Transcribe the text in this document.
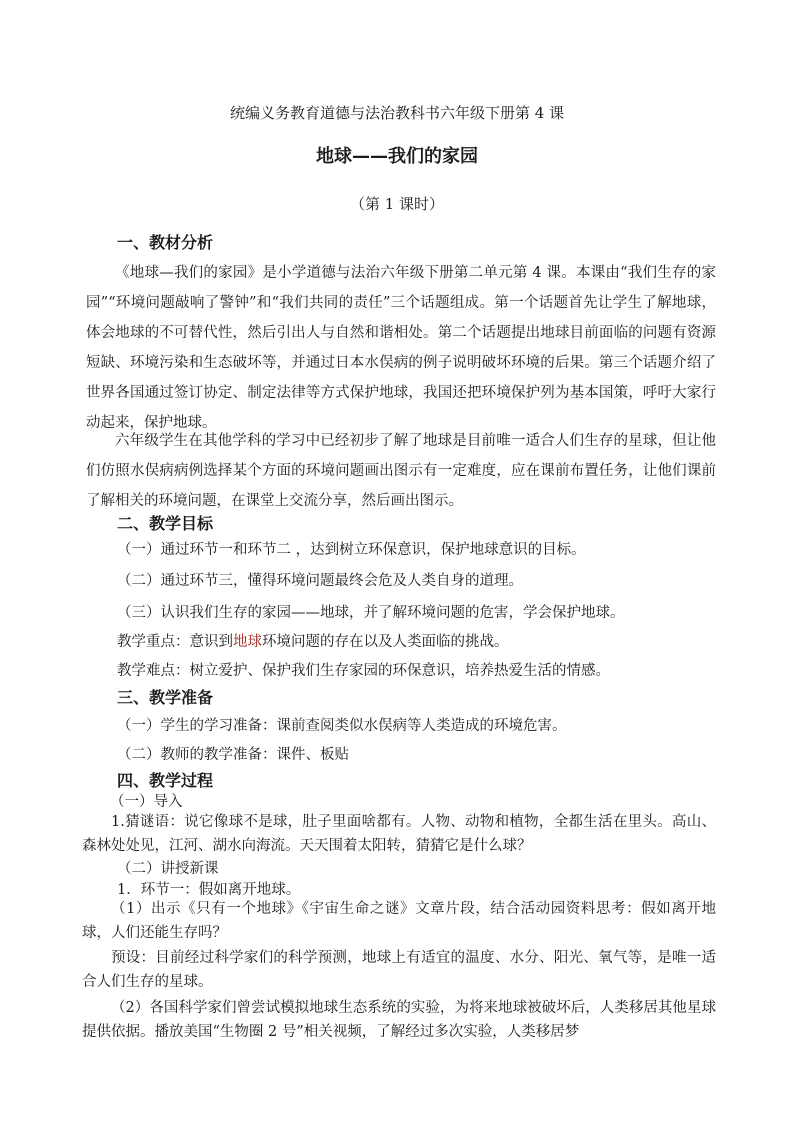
统编义务教育道德与法治教科书六年级下册第 4 课
地球——我们的家园
（第 1 课时）
一、教材分析
《地球—我们的家园》是小学道德与法治六年级下册第二单元第 4 课。本课由“我们生存的家园”“环境问题敲响了警钟”和“我们共同的责任”三个话题组成。第一个话题首先让学生了解地球，体会地球的不可替代性，然后引出人与自然和谐相处。第二个话题提出地球目前面临的问题有资源短缺、环境污染和生态破坏等，并通过日本水俣病的例子说明破坏环境的后果。第三个话题介绍了世界各国通过签订协定、制定法律等方式保护地球，我国还把环境保护列为基本国策，呼吁大家行动起来，保护地球。
六年级学生在其他学科的学习中已经初步了解了地球是目前唯一适合人们生存的星球，但让他们仿照水俣病病例选择某个方面的环境问题画出图示有一定难度，应在课前布置任务，让他们课前了解相关的环境问题，在课堂上交流分享，然后画出图示。
二、教学目标
（一）通过环节一和环节二 ，达到树立环保意识，保护地球意识的目标。
（二）通过环节三，懂得环境问题最终会危及人类自身的道理。
（三）认识我们生存的家园——地球，并了解环境问题的危害，学会保护地球。
教学重点：意识到地球环境问题的存在以及人类面临的挑战。
教学难点：树立爱护、保护我们生存家园的环保意识，培养热爱生活的情感。
三、教学准备
（一）学生的学习准备：课前查阅类似水俣病等人类造成的环境危害。
（二）教师的教学准备：课件、板贴
四、教学过程
（一）导入
1.猜谜语：说它像球不是球，肚子里面啥都有。人物、动物和植物，全都生活在里头。高山、森林处处见，江河、湖水向海流。天天围着太阳转，猜猜它是什么球？
（二）讲授新课
1．环节一：假如离开地球。
（1）出示《只有一个地球》《宇宙生命之谜》文章片段，结合活动园资料思考：假如离开地球，人们还能生存吗？
预设：目前经过科学家们的科学预测，地球上有适宜的温度、水分、阳光、氧气等，是唯一适合人们生存的星球。
（2）各国科学家们曾尝试模拟地球生态系统的实验，为将来地球被破坏后，人类移居其他星球提供依据。播放美国“生物圈 2 号”相关视频，了解经过多次实验，人类移居梦
